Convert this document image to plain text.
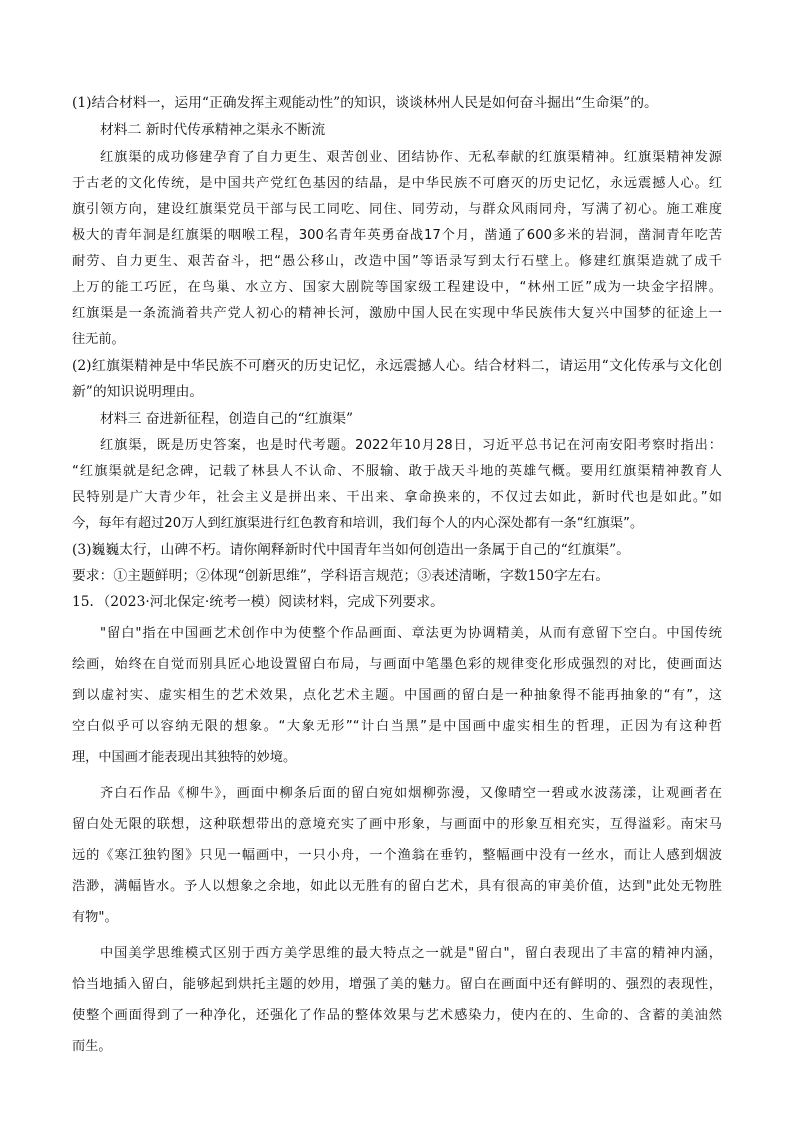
(1)结合材料一，运用“正确发挥主观能动性”的知识，谈谈林州人民是如何奋斗掘出“生命渠”的。
材料二 新时代传承精神之渠永不断流
红旗渠的成功修建孕育了自力更生、艰苦创业、团结协作、无私奉献的红旗渠精神。红旗渠精神发源
于古老的文化传统，是中国共产党红色基因的结晶，是中华民族不可磨灭的历史记忆，永远震撼人心。红
旗引领方向，建设红旗渠党员干部与民工同吃、同住、同劳动，与群众风雨同舟，写满了初心。施工难度
极大的青年洞是红旗渠的咽喉工程，300名青年英勇奋战17个月，凿通了600多米的岩洞，凿洞青年吃苦
耐劳、自力更生、艰苦奋斗，把“愚公移山，改造中国”等语录写到太行石壁上。修建红旗渠造就了成千
上万的能工巧匠，在鸟巢、水立方、国家大剧院等国家级工程建设中，“林州工匠”成为一块金字招牌。
红旗渠是一条流淌着共产党人初心的精神长河，激励中国人民在实现中华民族伟大复兴中国梦的征途上一
往无前。
(2)红旗渠精神是中华民族不可磨灭的历史记忆，永远震撼人心。结合材料二，请运用“文化传承与文化创
新”的知识说明理由。
材料三 奋进新征程，创造自己的“红旗渠”
红旗渠，既是历史答案，也是时代考题。2022年10月28日，习近平总书记在河南安阳考察时指出：
“红旗渠就是纪念碑，记载了林县人不认命、不服输、敢于战天斗地的英雄气概。要用红旗渠精神教育人
民特别是广大青少年，社会主义是拼出来、干出来、拿命换来的，不仅过去如此，新时代也是如此。”如
今，每年有超过20万人到红旗渠进行红色教育和培训，我们每个人的内心深处都有一条“红旗渠”。
(3)巍巍太行，山碑不朽。请你阐释新时代中国青年当如何创造出一条属于自己的“红旗渠”。
要求：①主题鲜明；②体现“创新思维”，学科语言规范；③表述清晰，字数150字左右。
15．（2023·河北保定·统考一模）阅读材料，完成下列要求。
"留白"指在中国画艺术创作中为使整个作品画面、章法更为协调精美，从而有意留下空白。中国传统
绘画，始终在自觉而别具匠心地设置留白布局，与画面中笔墨色彩的规律变化形成强烈的对比，使画面达
到以虚衬实、虚实相生的艺术效果，点化艺术主题。中国画的留白是一种抽象得不能再抽象的“有”，这
空白似乎可以容纳无限的想象。“大象无形”“计白当黑”是中国画中虚实相生的哲理，正因为有这种哲
理，中国画才能表现出其独特的妙境。
齐白石作品《柳牛》，画面中柳条后面的留白宛如烟柳弥漫，又像晴空一碧或水波荡漾，让观画者在
留白处无限的联想，这种联想带出的意境充实了画中形象，与画面中的形象互相充实，互得溢彩。南宋马
远的《寒江独钓图》只见一幅画中，一只小舟，一个渔翁在垂钓，整幅画中没有一丝水，而让人感到烟波
浩渺，满幅皆水。予人以想象之余地，如此以无胜有的留白艺术，具有很高的审美价值，达到"此处无物胜
有物"。
中国美学思维模式区别于西方美学思维的最大特点之一就是"留白"，留白表现出了丰富的精神内涵，
恰当地插入留白，能够起到烘托主题的妙用，增强了美的魅力。留白在画面中还有鲜明的、强烈的表现性，
使整个画面得到了一种净化，还强化了作品的整体效果与艺术感染力，使内在的、生命的、含蓄的美油然
而生。
